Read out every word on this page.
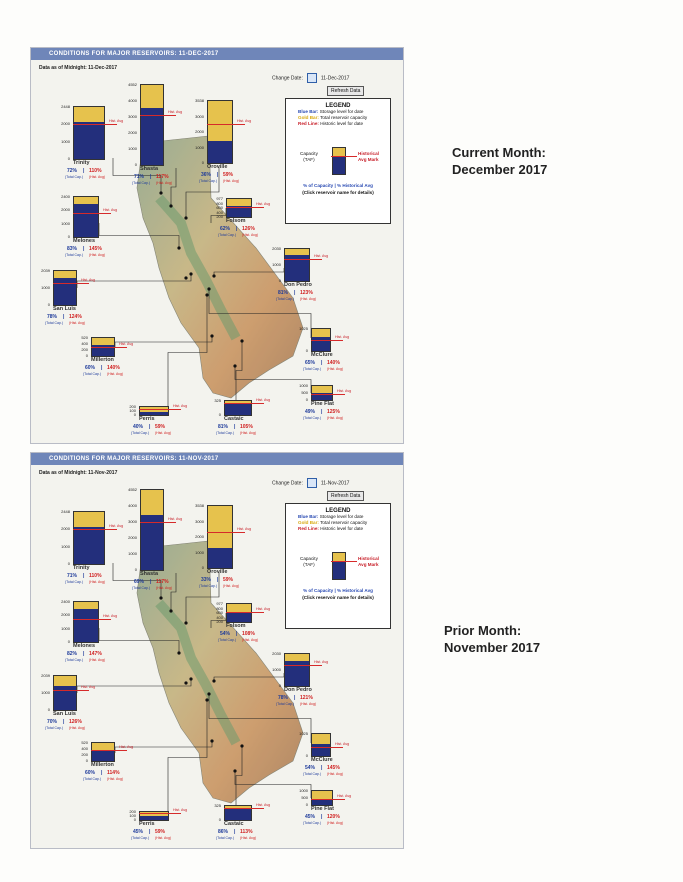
Current Month:
December 2017
Prior Month:
November 2017
CONDITIONS FOR MAJOR RESERVOIRS: 11-DEC-2017
Data as of Midnight: 11-Dec-2017
Change Date:	11-Dec-2017
Refresh Data
Hist. Avg
2448
2000
1000
0
Trinity
72% | 110%
(Total Cap.) (Hist. Avg)
Hist. Avg
4552
4000
3000
2000
1000
0
Shasta
71% | 117%
(Total Cap.) (Hist. Avg)
Hist. Avg
3538
3000
2000
1000
0
Oroville
36% | 59%
(Total Cap.) (Hist. Avg)
Hist. Avg
977
800
600
400
200
Folsom
62% | 126%
(Total Cap.) (Hist. Avg)
Hist. Avg
2400
2000
1000
0
Melones
83% | 145%
(Total Cap.) (Hist. Avg)	Hist. Avg
2030
1000
0
Don Pedro
81% | 123%
(Total Cap.) (Hist. Avg)
Hist. Avg
2039
1000
0
San Luis
78% | 124%
(Total Cap.) (Hist. Avg)
Hist. Avg
1025
0
McClure
65% | 140%
(Total Cap.) (Hist. Avg)
Hist. Avg
520
400
200
0
Millerton
60% | 140%
(Total Cap.) (Hist. Avg)
Hist. Avg
1000
500
0
Pine Flat
49% | 125%
(Total Cap.) (Hist. Avg)
Hist. Avg
200
100
0
Perris
40% | 59%
(Total Cap.) (Hist. Avg)
Hist. Avg
325
0
Castaic
81% | 105%
(Total Cap.) (Hist. Avg)
LEGEND
Blue Bar: Storage level for date
Gold Bar: Total reservoir capacity
Red Line: Historic level for date
Capacity
(TAF)
Historical
Avg Mark
% of Capacity | % Historical Avg
(Click reservoir name for details)
CONDITIONS FOR MAJOR RESERVOIRS: 11-NOV-2017
Data as of Midnight: 11-Nov-2017
Change Date:	11-Nov-2017
Refresh Data
Hist. Avg
2448
2000
1000
0
Trinity
71% | 110%
(Total Cap.) (Hist. Avg)
Hist. Avg
4552
4000
3000
2000
1000
0
Shasta
69% | 117%
(Total Cap.) (Hist. Avg)
Hist. Avg
3538
3000
2000
1000
0
Oroville
33% | 59%
(Total Cap.) (Hist. Avg)
Hist. Avg
977
800
600
400
200
Folsom
54% | 108%
(Total Cap.) (Hist. Avg)
Hist. Avg
2400
2000
1000
0
Melones
82% | 147%
(Total Cap.) (Hist. Avg)	Hist. Avg
2030
1000
0
Don Pedro
78% | 121%
(Total Cap.) (Hist. Avg)
Hist. Avg
2039
1000
0
San Luis
70% | 126%
(Total Cap.) (Hist. Avg)
Hist. Avg
1025
0
McClure
54% | 145%
(Total Cap.) (Hist. Avg)
Hist. Avg
520
400
200
0
Millerton
60% | 114%
(Total Cap.) (Hist. Avg)
Hist. Avg
1000
500
0
Pine Flat
45% | 120%
(Total Cap.) (Hist. Avg)
Hist. Avg
200
100
0
Perris
45% | 59%
(Total Cap.) (Hist. Avg)
Hist. Avg
325
0
Castaic
86% | 113%
(Total Cap.) (Hist. Avg)
LEGEND
Blue Bar: Storage level for date
Gold Bar: Total reservoir capacity
Red Line: Historic level for date
Capacity
(TAF)
Historical
Avg Mark
% of Capacity | % Historical Avg
(Click reservoir name for details)
